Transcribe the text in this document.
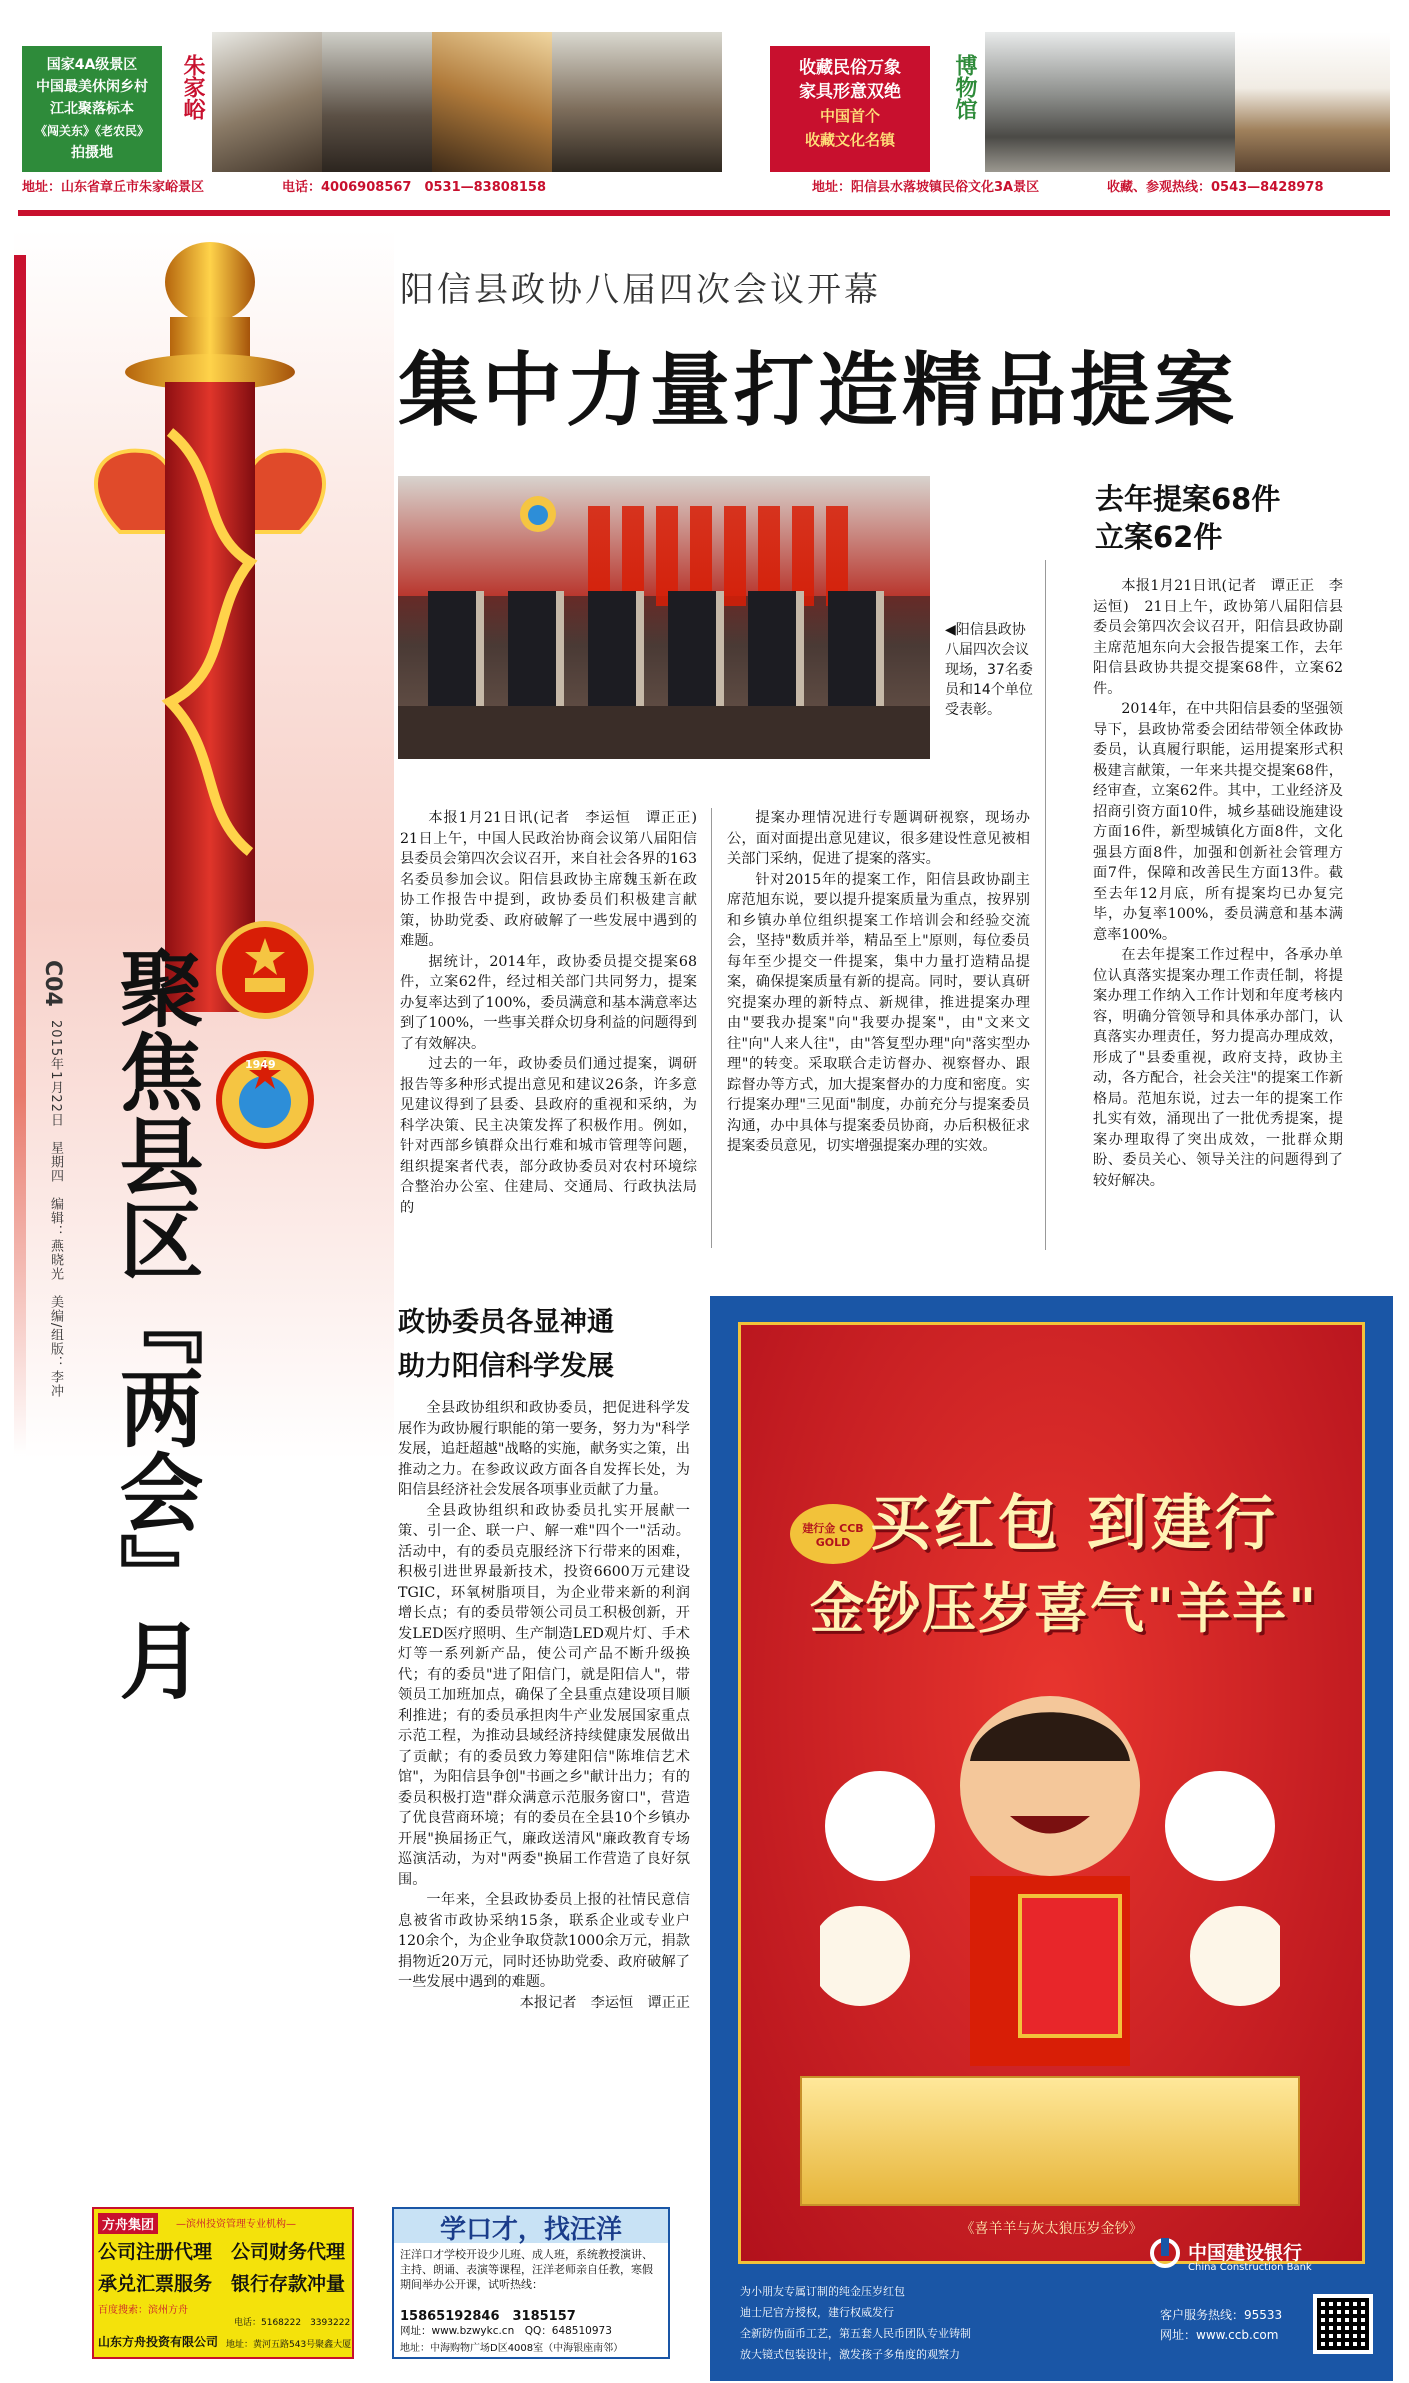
国家4A级景区
中国最美休闲乡村
江北聚落标本
《闯关东》《老农民》
拍摄地
朱家峪	收藏民俗万象
家具形意双绝
中国首个
收藏文化名镇
博物馆
地址：山东省章丘市朱家峪景区	电话：4006908567　0531—83808158	地址：阳信县水落坡镇民俗文化3A景区	收藏、参观热线：0543—8428978
1949
C04
2015年1月22日　星期四　编辑：燕晓光　美编/组版：李冲 聚焦县区『两会』月
阳信县政协八届四次会议开幕
集中力量打造精品提案
◀阳信县政协八届四次会议现场，37名委员和14个单位受表彰。
去年提案68件　立案62件

本报1月21日讯(记者　李运恒　谭正正)　21日上午，中国人民政治协商会议第八届阳信县委员会第四次会议召开，来自社会各界的163名委员参加会议。阳信县政协主席魏玉新在政协工作报告中提到，政协委员们积极建言献策，协助党委、政府破解了一些发展中遇到的难题。

据统计，2014年，政协委员提交提案68件，立案62件，经过相关部门共同努力，提案办复率达到了100%，委员满意和基本满意率达到了100%，一些事关群众切身利益的问题得到了有效解决。

过去的一年，政协委员们通过提案，调研报告等多种形式提出意见和建议26条，许多意见建议得到了县委、县政府的重视和采纳，为科学决策、民主决策发挥了积极作用。例如，针对西部乡镇群众出行难和城市管理等问题，组织提案者代表，部分政协委员对农村环境综合整治办公室、住建局、交通局、行政执法局的

提案办理情况进行专题调研视察，现场办公，面对面提出意见建议，很多建设性意见被相关部门采纳，促进了提案的落实。

针对2015年的提案工作，阳信县政协副主席范旭东说，要以提升提案质量为重点，按界别和乡镇办单位组织提案工作培训会和经验交流会，坚持"数质并举，精品至上"原则，每位委员每年至少提交一件提案，集中力量打造精品提案，确保提案质量有新的提高。同时，要认真研究提案办理的新特点、新规律，推进提案办理由"要我办提案"向"我要办提案"，由"文来文往"向"人来人往"，由"答复型办理"向"落实型办理"的转变。采取联合走访督办、视察督办、跟踪督办等方式，加大提案督办的力度和密度。实行提案办理"三见面"制度，办前充分与提案委员沟通，办中具体与提案委员协商，办后积极征求提案委员意见，切实增强提案办理的实效。

本报1月21日讯(记者　谭正正　李运恒)　21日上午，政协第八届阳信县委员会第四次会议召开，阳信县政协副主席范旭东向大会报告提案工作，去年阳信县政协共提交提案68件，立案62件。

2014年，在中共阳信县委的坚强领导下，县政协常委会团结带领全体政协委员，认真履行职能，运用提案形式积极建言献策，一年来共提交提案68件，经审查，立案62件。其中，工业经济及招商引资方面10件，城乡基础设施建设方面16件，新型城镇化方面8件，文化强县方面8件，加强和创新社会管理方面7件，保障和改善民生方面13件。截至去年12月底，所有提案均已办复完毕，办复率100%，委员满意和基本满意率100%。

在去年提案工作过程中，各承办单位认真落实提案办理工作责任制，将提案办理工作纳入工作计划和年度考核内容，明确分管领导和具体承办部门，认真落实办理责任，努力提高办理成效，形成了"县委重视，政府支持，政协主动，各方配合，社会关注"的提案工作新格局。范旭东说，过去一年的提案工作扎实有效，涌现出了一批优秀提案，提案办理取得了突出成效，一批群众期盼、委员关心、领导关注的问题得到了较好解决。

政协委员各显神通
助力阳信科学发展

全县政协组织和政协委员，把促进科学发展作为政协履行职能的第一要务，努力为"科学发展，追赶超越"战略的实施，献务实之策，出推动之力。在参政议政方面各自发挥长处，为阳信县经济社会发展各项事业贡献了力量。

全县政协组织和政协委员扎实开展献一策、引一企、联一户、解一难"四个一"活动。活动中，有的委员克服经济下行带来的困难，积极引进世界最新技术，投资6600万元建设TGIC，环氧树脂项目，为企业带来新的利润增长点；有的委员带领公司员工积极创新，开发LED医疗照明、生产制造LED观片灯、手术灯等一系列新产品，使公司产品不断升级换代；有的委员"进了阳信门，就是阳信人"，带领员工加班加点，确保了全县重点建设项目顺利推进；有的委员承担肉牛产业发展国家重点示范工程，为推动县域经济持续健康发展做出了贡献；有的委员致力筹建阳信"陈堆信艺术馆"，为阳信县争创"书画之乡"献计出力；有的委员积极打造"群众满意示范服务窗口"，营造了优良营商环境；有的委员在全县10个乡镇办开展"换届扬正气，廉政送清风"廉政教育专场巡演活动，为对"两委"换届工作营造了良好氛围。

一年来，全县政协委员上报的社情民意信息被省市政协采纳15条，联系企业或专业户120余个，为企业争取贷款1000余万元，捐款捐物近20万元，同时还协助党委、政府破解了一些发展中遇到的难题。

本报记者　李运恒　谭正正
建行金 CCB GOLD 买红包 到建行
金钞压岁喜气"羊羊"
《喜羊羊与灰太狼压岁金钞》
为小朋友专属订制的纯金压岁红包
迪士尼官方授权，建行权威发行
全新防伪面币工艺，第五套人民币团队专业铸制
放大镜式包装设计，激发孩子多角度的观察力
中国建设银行
China Construction Bank
客户服务热线：95533
网址：www.ccb.com
方舟集团	—滨州投资管理专业机构—
公司注册代理　公司财务代理
承兑汇票服务　银行存款冲量
百度搜索：滨州方舟
电话：5168222　3393222
山东方舟投资有限公司 地址：黄河五路543号聚鑫大厦
学口才，找汪洋
汪洋口才学校开设少儿班、成人班，系统教授演讲、主持、朗诵、表演等课程，汪洋老师亲自任教，寒假期间举办公开课，试听热线：
15865192846　3185157
网址：www.bzwykc.cn　QQ：648510973
地址：中海购物广场D区4008室（中海银座南邻）
